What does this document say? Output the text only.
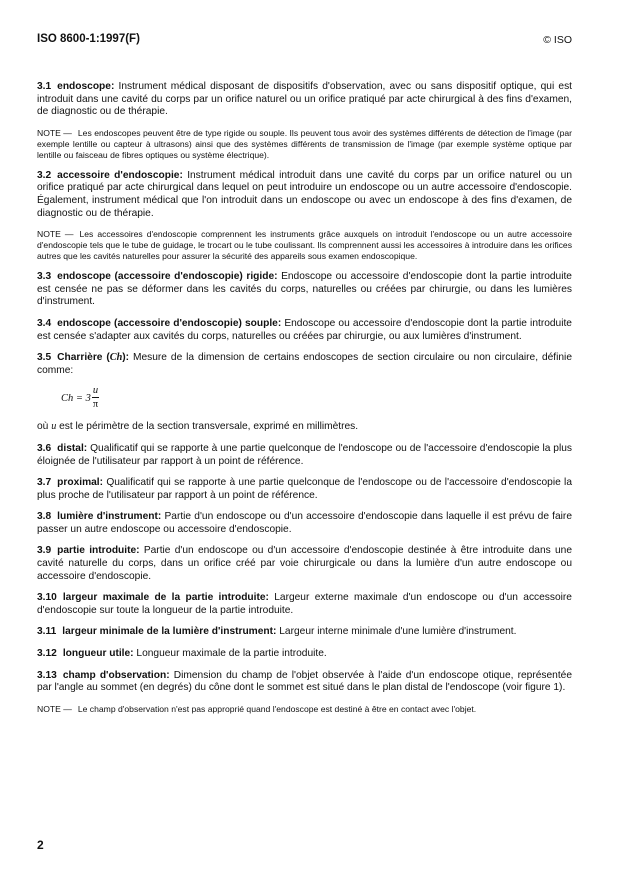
ISO 8600-1:1997(F)	© ISO

3.1 endoscope: Instrument médical disposant de dispositifs d'observation, avec ou sans dispositif optique, qui est introduit dans une cavité du corps par un orifice naturel ou un orifice pratiqué par acte chirurgical à des fins d'examen, de diagnostic ou de thérapie.

NOTE — Les endoscopes peuvent être de type rigide ou souple. Ils peuvent tous avoir des systèmes différents de détection de l'image (par exemple lentille ou capteur à ultrasons) ainsi que des systèmes différents de transmission de l'image (par exemple système optique par lentille ou faisceau de fibres optiques ou système électrique).

3.2 accessoire d'endoscopie: Instrument médical introduit dans une cavité du corps par un orifice naturel ou un orifice pratiqué par acte chirurgical dans lequel on peut introduire un endoscope ou un autre accessoire d'endoscopie. Également, instrument médical que l'on introduit dans un endoscope ou avec un endoscope à des fins d'examen, de diagnostic ou de thérapie.

NOTE — Les accessoires d'endoscopie comprennent les instruments grâce auxquels on introduit l'endoscope ou un autre accessoire d'endoscopie tels que le tube de guidage, le trocart ou le tube coulissant. Ils comprennent aussi les accessoires à introduire dans les orifices autres que les cavités naturelles pour assurer la sécurité des appareils sous examen endoscopique.

3.3 endoscope (accessoire d'endoscopie) rigide: Endoscope ou accessoire d'endoscopie dont la partie introduite est censée ne pas se déformer dans les cavités du corps, naturelles ou créées par chirurgie, ou dans les lumières d'instrument.

3.4 endoscope (accessoire d'endoscopie) souple: Endoscope ou accessoire d'endoscopie dont la partie introduite est censée s'adapter aux cavités du corps, naturelles ou créées par chirurgie, ou aux lumières d'instrument.

3.5 Charrière (Ch): Mesure de la dimension de certains endoscopes de section circulaire ou non circulaire, définie comme:

$Ch = 3 \frac{u}{\pi}$

où u est le périmètre de la section transversale, exprimé en millimètres.

3.6 distal: Qualificatif qui se rapporte à une partie quelconque de l'endoscope ou de l'accessoire d'endoscopie la plus éloignée de l'utilisateur par rapport à un point de référence.

3.7 proximal: Qualificatif qui se rapporte à une partie quelconque de l'endoscope ou de l'accessoire d'endoscopie la plus proche de l'utilisateur par rapport à un point de référence.

3.8 lumière d'instrument: Partie d'un endoscope ou d'un accessoire d'endoscopie dans laquelle il est prévu de faire passer un autre endoscope ou accessoire d'endoscopie.

3.9 partie introduite: Partie d'un endoscope ou d'un accessoire d'endoscopie destinée à être introduite dans une cavité naturelle du corps, dans un orifice créé par voie chirurgicale ou dans la lumière d'un autre endoscope ou accessoire d'endoscopie.

3.10 largeur maximale de la partie introduite: Largeur externe maximale d'un endoscope ou d'un accessoire d'endoscopie sur toute la longueur de la partie introduite.

3.11 largeur minimale de la lumière d'instrument: Largeur interne minimale d'une lumière d'instrument.

3.12 longueur utile: Longueur maximale de la partie introduite.

3.13 champ d'observation: Dimension du champ de l'objet observée à l'aide d'un endoscope otique, représentée par l'angle au sommet (en degrés) du cône dont le sommet est situé dans le plan distal de l'endoscope (voir figure 1).

NOTE — Le champ d'observation n'est pas approprié quand l'endoscope est destiné à être en contact avec l'objet.

2
